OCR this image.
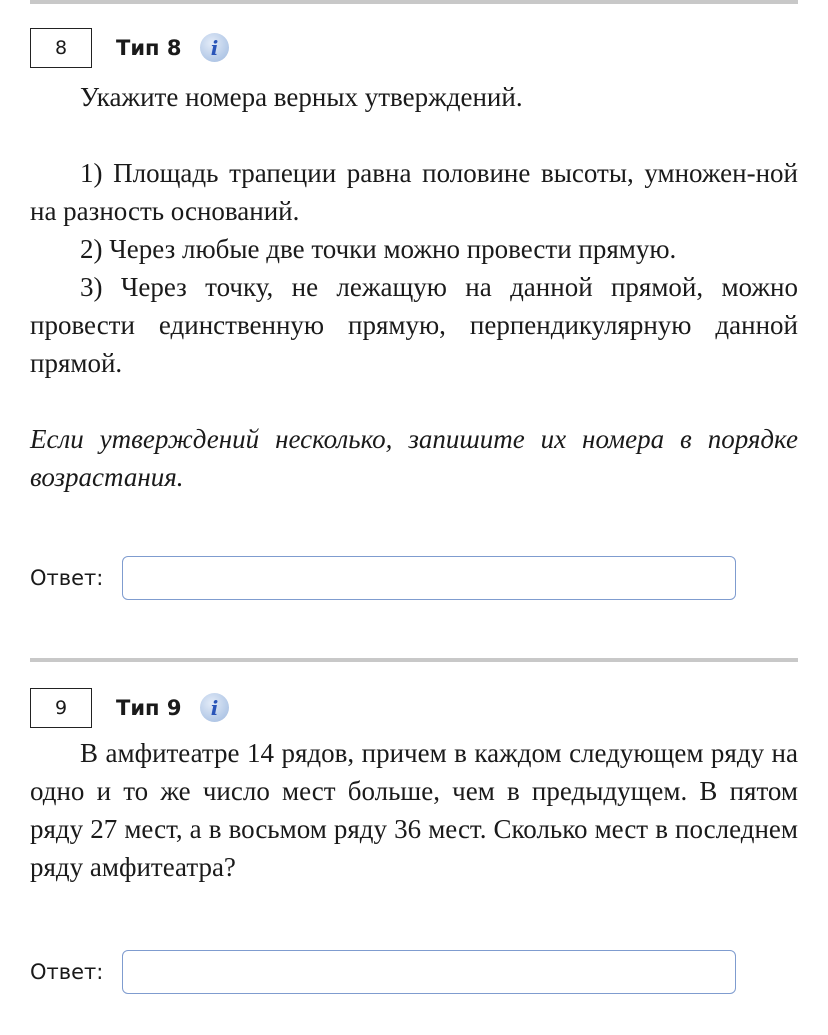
8	Тип 8	i

Укажите номера верных утверждений.

1) Площадь трапеции равна половине высоты, умножен-ной на разность оснований.

2) Через любые две точки можно провести прямую.

3) Через точку, не лежащую на данной прямой, можно провести единственную прямую, перпендикулярную данной прямой.

Если утверждений несколько, запишите их номера в порядке возрастания.

Ответ:
9	Тип 9	i

В амфитеатре 14 рядов, причем в каждом следующем ряду на одно и то же число мест больше, чем в предыдущем. В пятом ряду 27 мест, а в восьмом ряду 36 мест. Сколько мест в последнем ряду амфитеатра?

Ответ:
